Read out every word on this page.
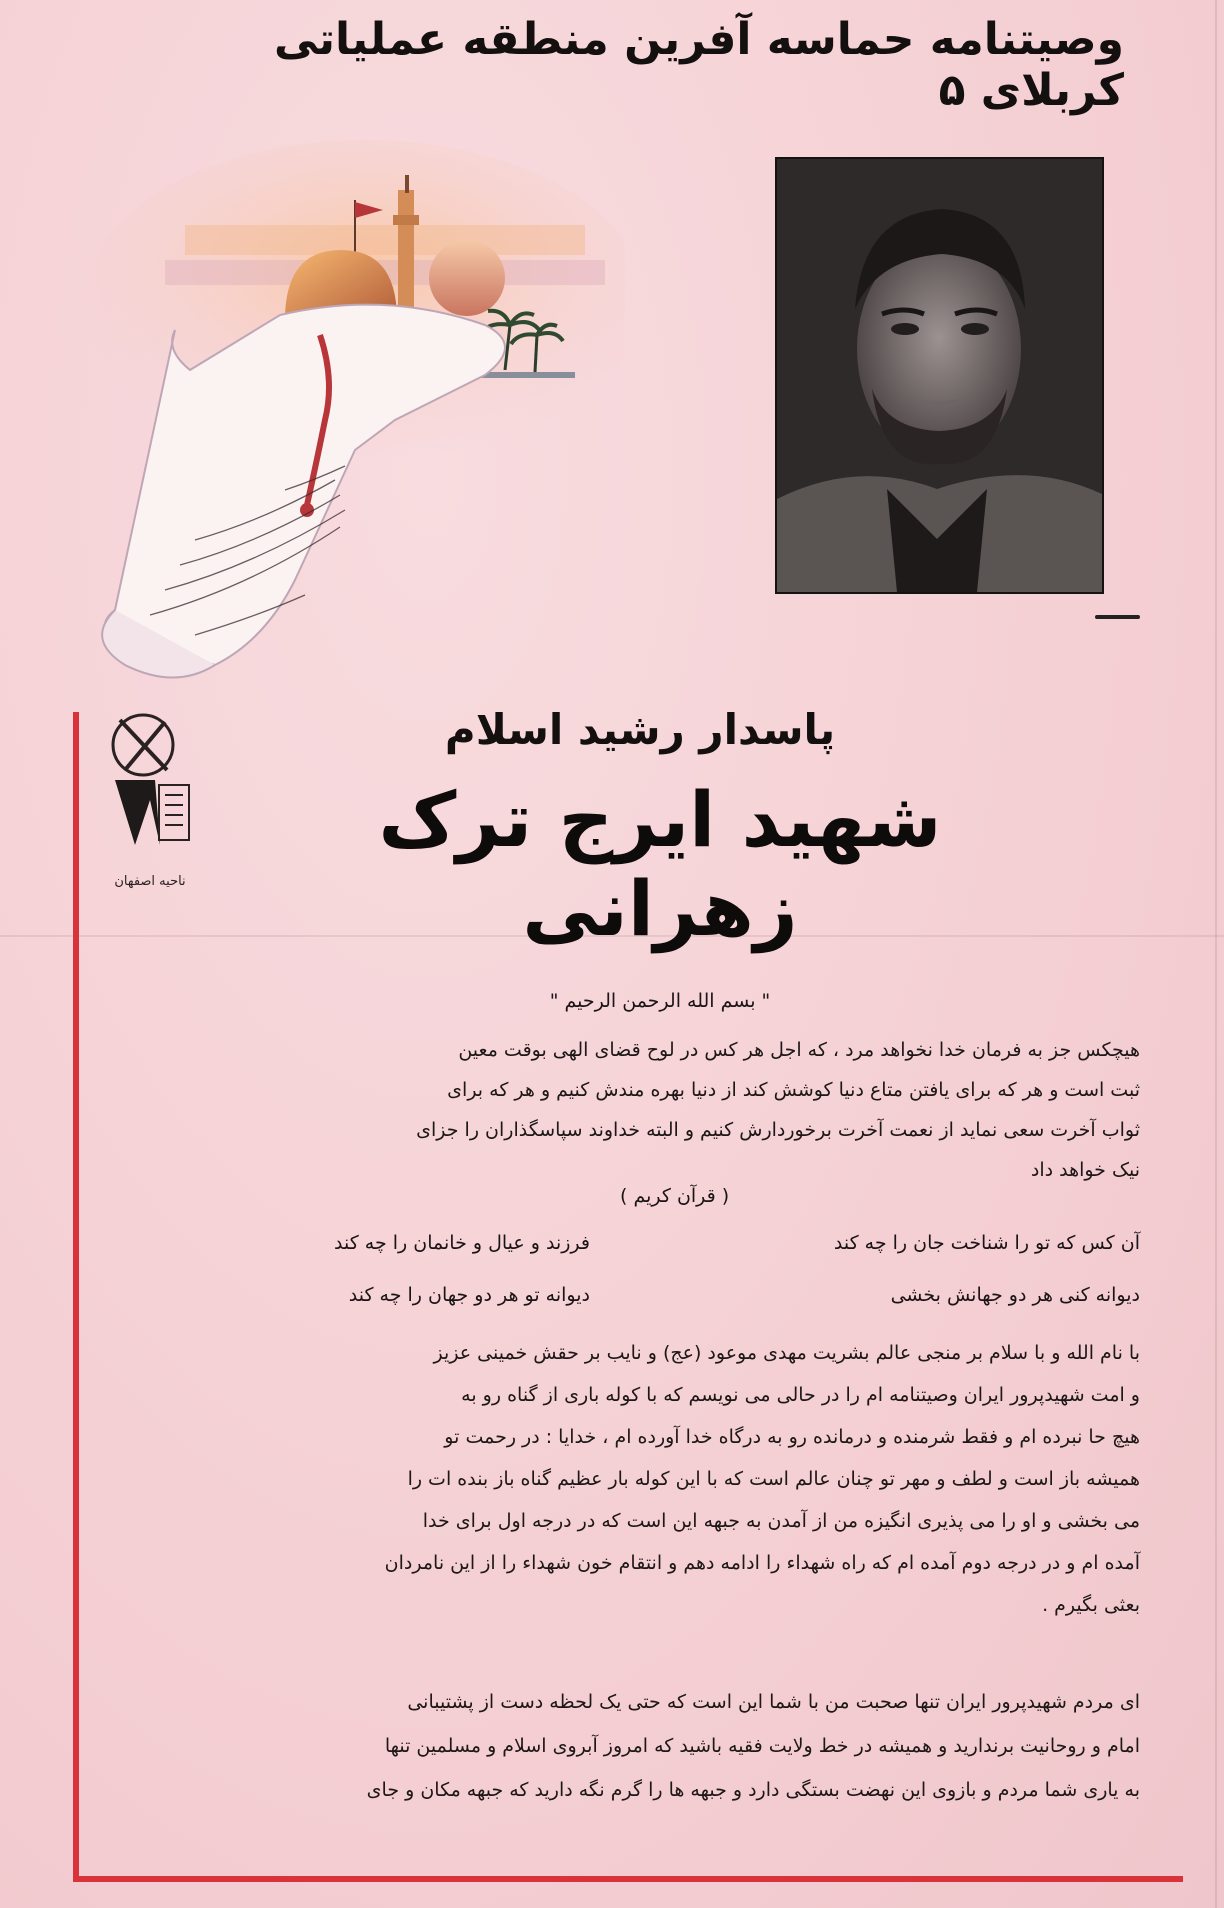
وصیتنامه حماسه آفرین منطقه عملیاتی کربلای ۵
ناحیه اصفهان
پاسدار رشید اسلام
شهید ایرج ترک زهرانی
" بسم الله الرحمن الرحیم "

هیچکس جز به فرمان خدا نخواهد مرد ، که اجل هر کس در لوح قضای الهی بوقت معین

ثبت است و هر که برای یافتن متاع دنیا کوشش کند از دنیا بهره مندش کنیم و هر که برای

ثواب آخرت سعی نماید از نعمت آخرت برخوردارش کنیم و البته خداوند سپاسگذاران را جزای

نیک خواهد داد

( قرآن کریم )
آن کس که تو را شناخت جان را چه کند
فرزند و عیال و خانمان را چه کند
دیوانه کنی هر دو جهانش بخشی
دیوانه تو هر دو جهان را چه کند

با نام الله و با سلام بر منجی عالم بشریت مهدی موعود (عج) و نایب بر حقش خمینی عزیز

و امت شهیدپرور ایران وصیتنامه ام را در حالی می نویسم که با کوله باری از گناه رو به

هیچ حا نبرده ام و فقط شرمنده و درمانده رو به درگاه خدا آورده ام ، خدایا : در رحمت تو

همیشه باز است و لطف و مهر تو چنان عالم است که با این کوله بار عظیم گناه باز بنده ات را

می بخشی و او را می پذیری انگیزه من از آمدن به جبهه این است که در درجه اول برای خدا

آمده ام و در درجه دوم آمده ام که راه شهداء را ادامه دهم و انتقام خون شهداء را از این نامردان

بعثی بگیرم .

ای مردم شهیدپرور ایران تنها صحبت من با شما این است که حتی یک لحظه دست از پشتیبانی

امام و روحانیت برندارید و همیشه در خط ولایت فقیه باشید که امروز آبروی اسلام و مسلمین تنها

به یاری شما مردم و بازوی این نهضت بستگی دارد و جبهه ها را گرم نگه دارید که جبهه مکان و جای
